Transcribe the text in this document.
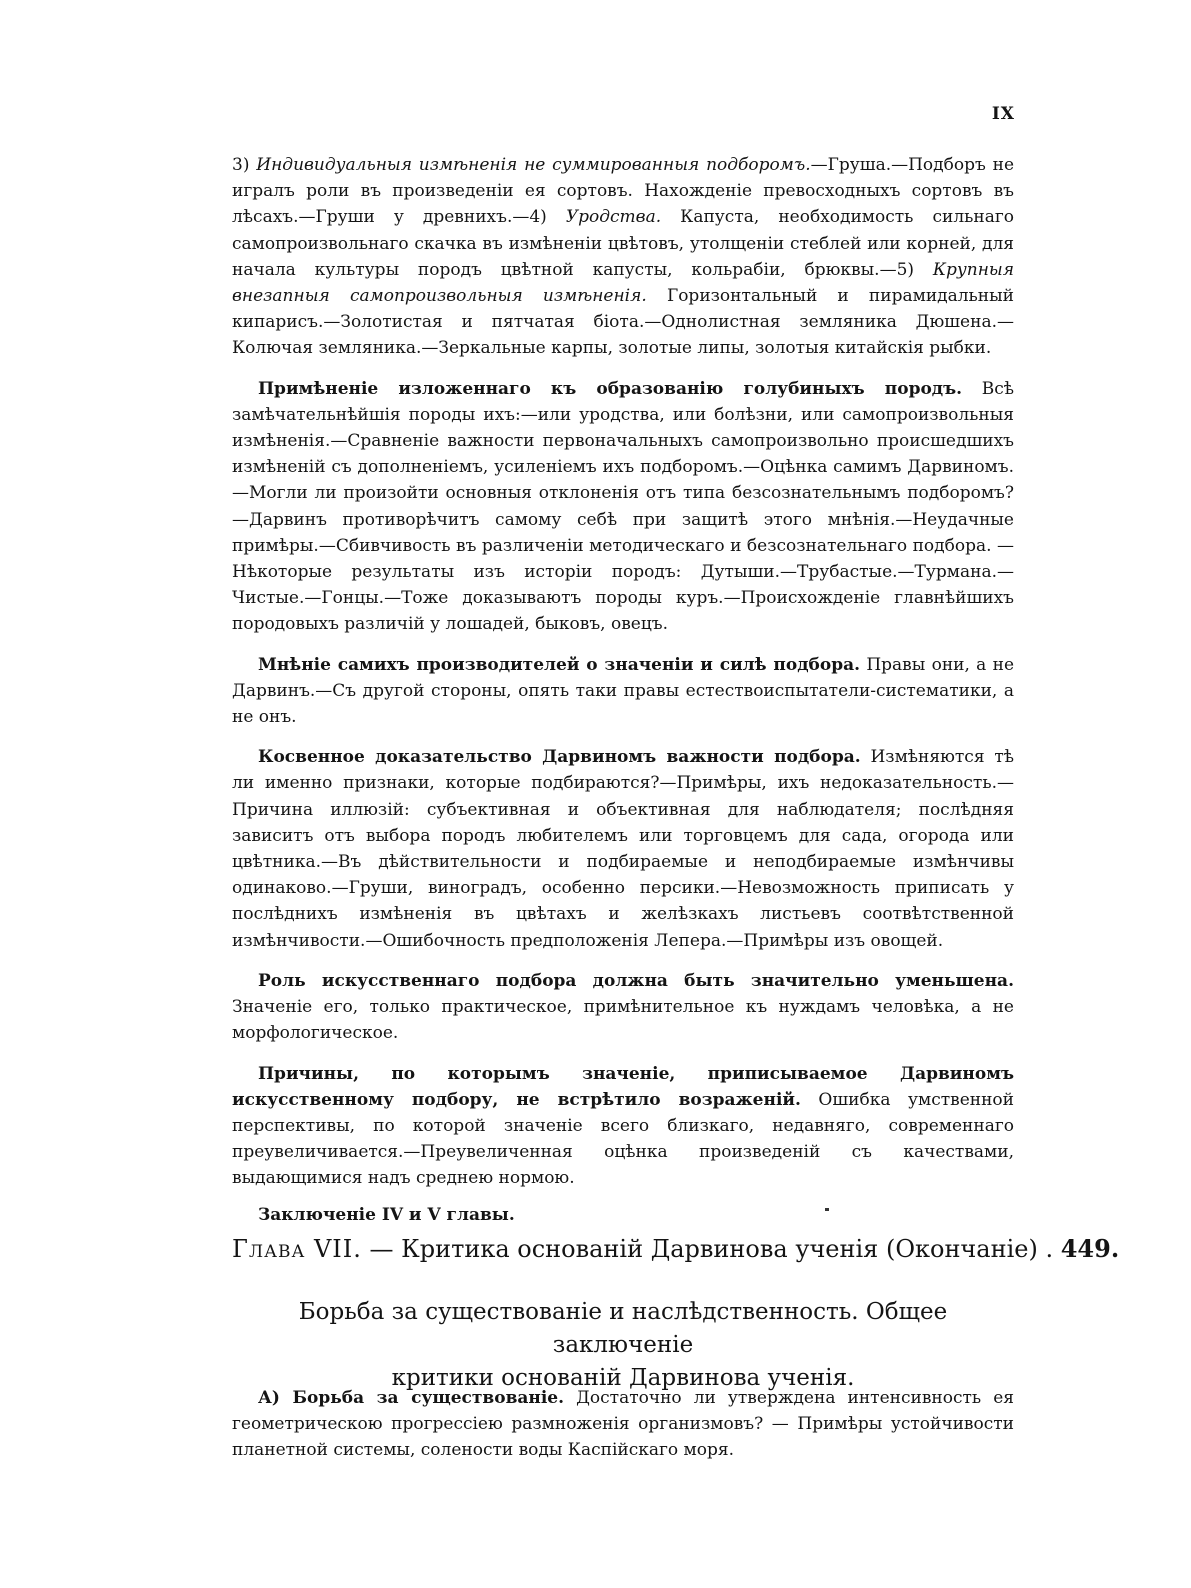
IX

3) Индивидуальныя измѣненія не суммированныя подборомъ.—Груша.—Подборъ не игралъ роли въ произведеніи ея сортовъ. Нахожденіе превосходныхъ сортовъ въ лѣсахъ.—Груши у древнихъ.—4) Уродства. Капуста, необходимость сильнаго самопроизвольнаго скачка въ измѣненіи цвѣтовъ, утолщеніи стеблей или корней, для начала культуры породъ цвѣтной капусты, кольрабіи, брюквы.—5) Крупныя внезапныя самопроизвольныя измѣненія. Горизонтальный и пирамидальный кипарисъ.—Золотистая и пятчатая біота.—Однолистная земляника Дюшена.—Колючая земляника.—Зеркальные карпы, золотые липы, золотыя китайскія рыбки.

Примѣненіе изложеннаго къ образованію голубиныхъ породъ. Всѣ замѣчательнѣйшія породы ихъ:—или уродства, или болѣзни, или самопроизвольныя измѣненія.—Сравненіе важности первоначальныхъ самопроизвольно происшедшихъ измѣненій съ дополненіемъ, усиленіемъ ихъ подборомъ.—Оцѣнка самимъ Дарвиномъ.—Могли ли произойти основныя отклоненія отъ типа безсознательнымъ подборомъ?—Дарвинъ противорѣчитъ самому себѣ при защитѣ этого мнѣнія.—Неудачные примѣры.—Сбивчивость въ различеніи методическаго и безсознательнаго подбора. — Нѣкоторые результаты изъ исторіи породъ: Дутыши.—Трубастые.—Турмана.—Чистые.—Гонцы.—Тоже доказываютъ породы куръ.—Происхожденіе главнѣйшихъ породовыхъ различій у лошадей, быковъ, овецъ.

Мнѣніе самихъ производителей о значеніи и силѣ подбора. Правы они, а не Дарвинъ.—Съ другой стороны, опять таки правы естествоиспытатели-систематики, а не онъ.

Косвенное доказательство Дарвиномъ важности подбора. Измѣняются тѣ ли именно признаки, которые подбираются?—Примѣры, ихъ недоказательность.—Причина иллюзій: субъективная и объективная для наблюдателя; послѣдняя зависитъ отъ выбора породъ любителемъ или торговцемъ для сада, огорода или цвѣтника.—Въ дѣйствительности и подбираемые и неподбираемые измѣнчивы одинаково.—Груши, виноградъ, особенно персики.—Невозможность приписать у послѣднихъ измѣненія въ цвѣтахъ и желѣзкахъ листьевъ соотвѣтственной измѣнчивости.—Ошибочность предположенія Лепера.—Примѣры изъ овощей.

Роль искусственнаго подбора должна быть значительно уменьшена. Значеніе его, только практическое, примѣнительное къ нуждамъ человѣка, а не морфологическое.

Причины, по которымъ значеніе, приписываемое Дарвиномъ искусственному подбору, не встрѣтило возраженій. Ошибка умственной перспективы, по которой значеніе всего близкаго, недавняго, современнаго преувеличивается.—Преувеличенная оцѣнка произведеній съ качествами, выдающимися надъ среднею нормою.

Заключеніе IV и V главы.

Глава VII. — Критика основаній Дарвинова ученія (Окончаніе) . 449.
Борьба за существованіе и наслѣдственность. Общее заключеніе
критики основаній Дарвинова ученія.

А) Борьба за существованіе. Достаточно ли утверждена интенсивность ея геометрическою прогрессіею размноженія организмовъ? — Примѣры устойчивости планетной системы, солености воды Каспійскаго моря.
